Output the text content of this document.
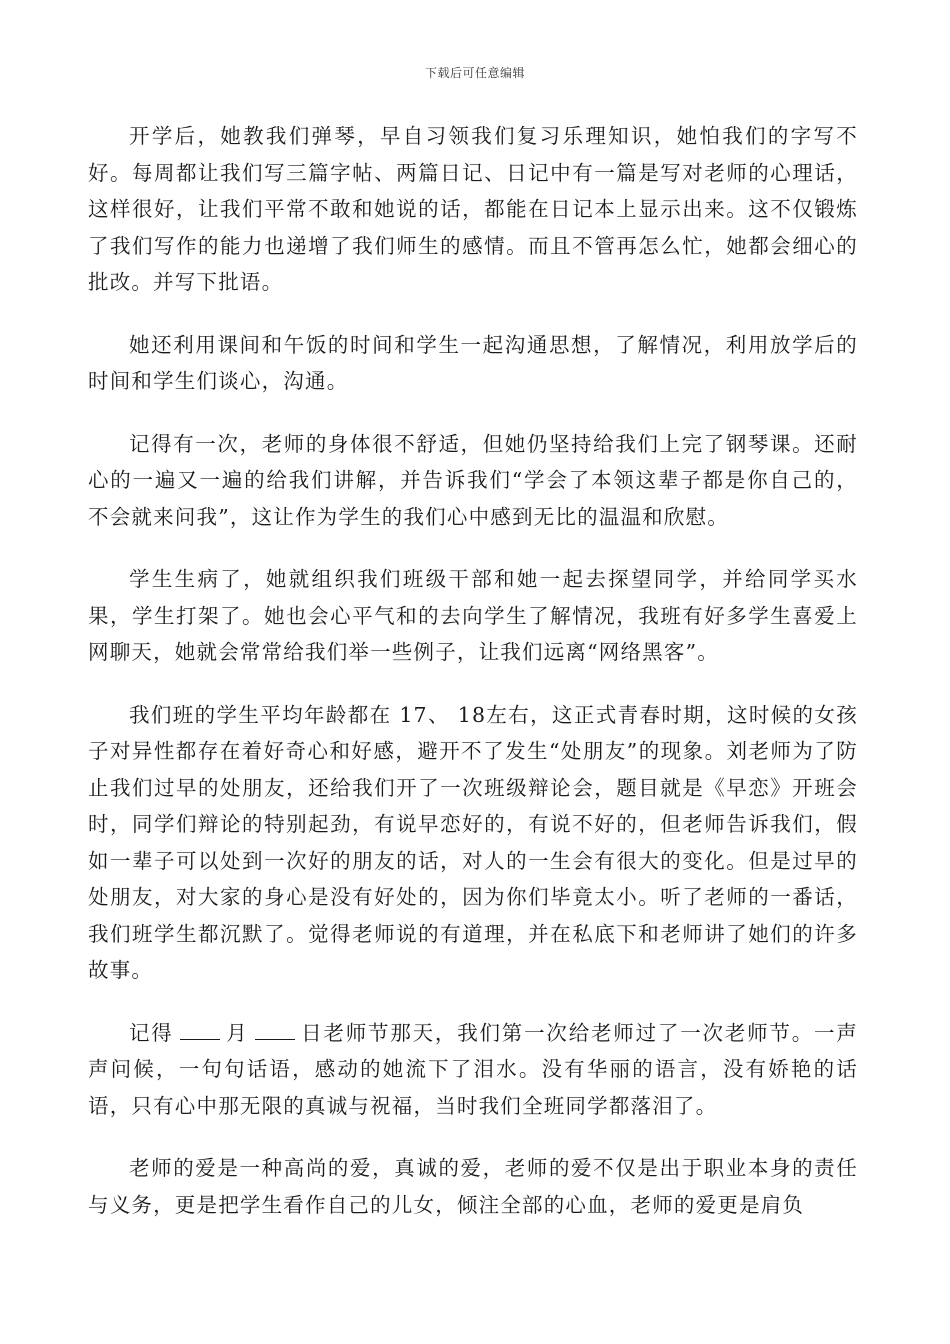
下载后可任意编辑

开学后，她教我们弹琴，早自习领我们复习乐理知识，她怕我们的字写不好。每周都让我们写三篇字帖、两篇日记、日记中有一篇是写对老师的心理话，这样很好，让我们平常不敢和她说的话，都能在日记本上显示出来。这不仅锻炼了我们写作的能力也递增了我们师生的感情。而且不管再怎么忙，她都会细心的批改。并写下批语。

她还利用课间和午饭的时间和学生一起沟通思想，了解情况，利用放学后的时间和学生们谈心，沟通。

记得有一次，老师的身体很不舒适，但她仍坚持给我们上完了钢琴课。还耐心的一遍又一遍的给我们讲解，并告诉我们“学会了本领这辈子都是你自己的，不会就来问我”，这让作为学生的我们心中感到无比的温温和欣慰。

学生生病了，她就组织我们班级干部和她一起去探望同学，并给同学买水果，学生打架了。她也会心平气和的去向学生了解情况，我班有好多学生喜爱上网聊天，她就会常常给我们举一些例子，让我们远离“网络黑客”。

我们班的学生平均年龄都在 17、 18左右，这正式青春时期，这时候的女孩子对异性都存在着好奇心和好感，避开不了发生“处朋友”的现象。刘老师为了防止我们过早的处朋友，还给我们开了一次班级辩论会，题目就是《早恋》开班会时，同学们辩论的特别起劲，有说早恋好的，有说不好的，但老师告诉我们，假如一辈子可以处到一次好的朋友的话，对人的一生会有很大的变化。但是过早的处朋友，对大家的身心是没有好处的，因为你们毕竟太小。听了老师的一番话，我们班学生都沉默了。觉得老师说的有道理，并在私底下和老师讲了她们的许多故事。

记得	月	日老师节那天，我们第一次给老师过了一次老师节。一声声问候，一句句话语，感动的她流下了泪水。没有华丽的语言，没有娇艳的话语，只有心中那无限的真诚与祝福，当时我们全班同学都落泪了。

老师的爱是一种高尚的爱，真诚的爱，老师的爱不仅是出于职业本身的责任与义务，更是把学生看作自己的儿女，倾注全部的心血，老师的爱更是肩负
